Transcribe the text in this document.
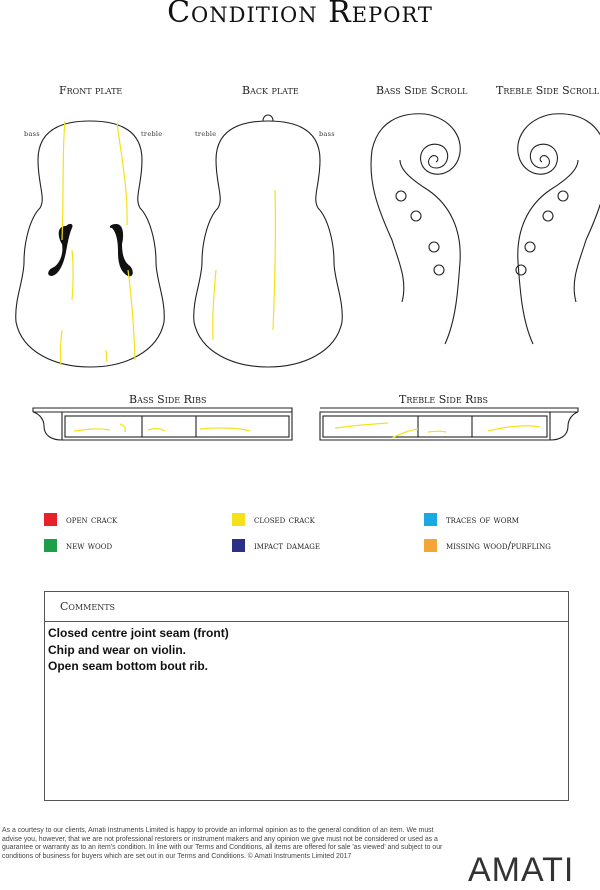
Condition Report
Front plate	Back plate	Bass Side Scroll	Treble Side Scroll
bass	treble	treble	bass
Bass Side Ribs	Treble Side Ribs
open crack	closed crack	traces of worm
new wood	impact damage	missing wood/purfling
Comments
Closed centre joint seam (front)
Chip and wear on violin.
Open seam bottom bout rib.
As a courtesy to our clients, Amati Instruments Limited is happy to provide an informal opinion as to the general condition of an item. We must advise you, however, that we are not professional restorers or instrument makers and any opinion we give must not be considered or used as a guarantee or warranty as to an item's condition. In line with our Terms and Conditions, all items are offered for sale 'as viewed' and subject to our conditions of business for buyers which are set out in our Terms and Conditions. © Amati Instruments Limited 2017	AMATI
